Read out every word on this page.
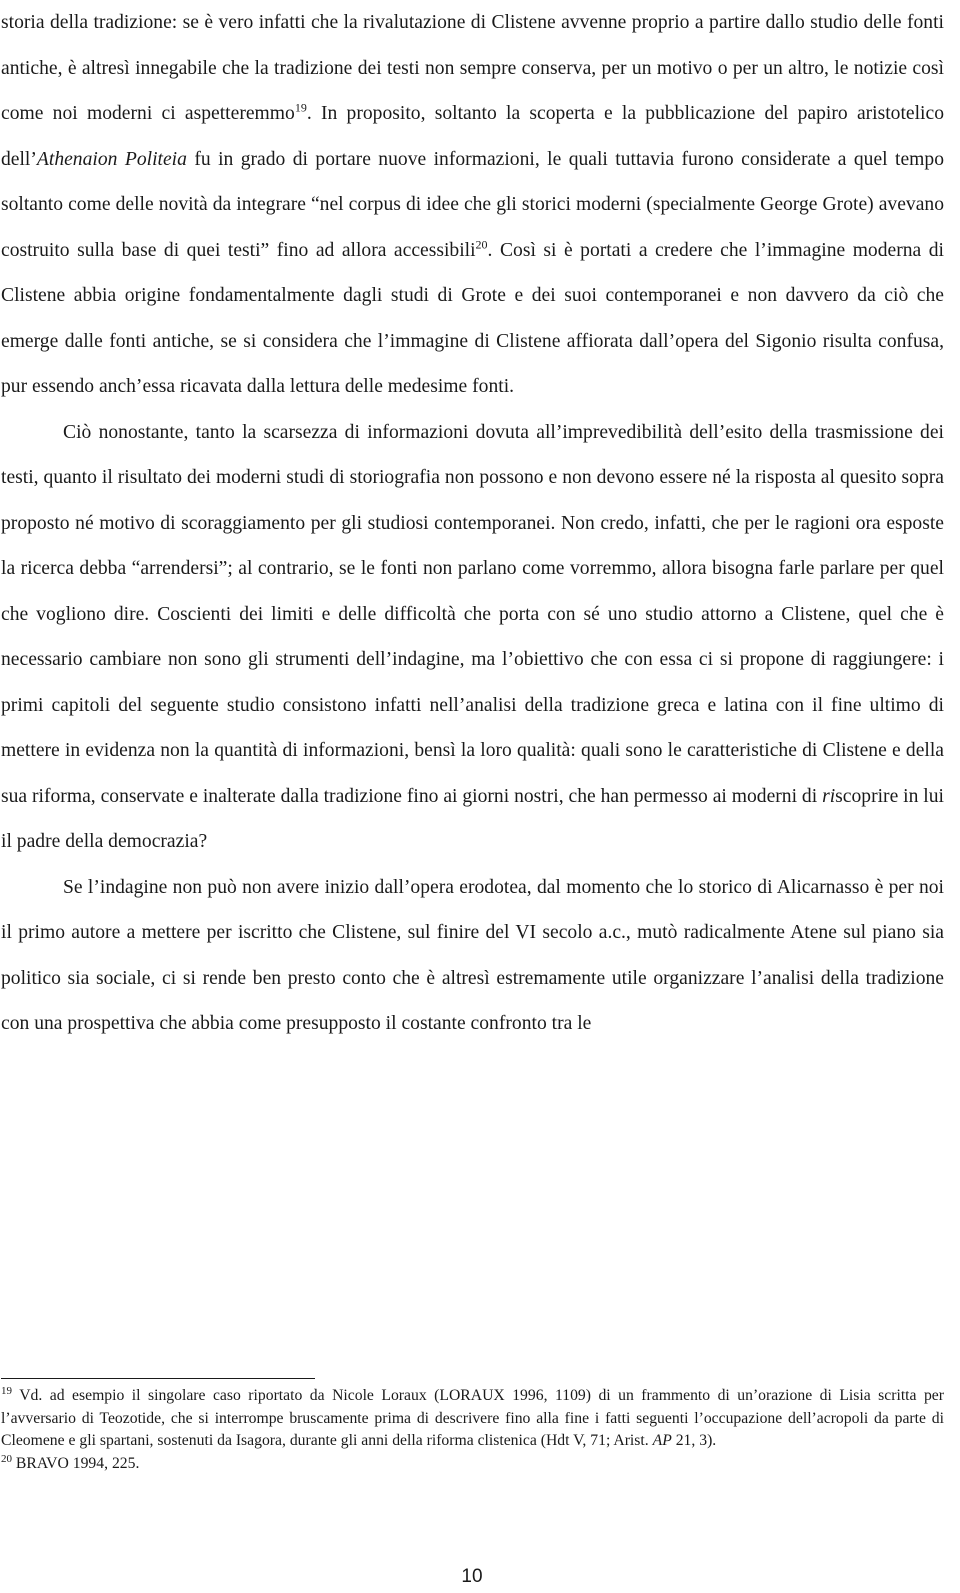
storia della tradizione: se è vero infatti che la rivalutazione di Clistene avvenne proprio a partire dallo studio delle fonti antiche, è altresì innegabile che la tradizione dei testi non sempre conserva, per un motivo o per un altro, le notizie così come noi moderni ci aspetteremmo$^{19}$. In proposito, soltanto la scoperta e la pubblicazione del papiro aristotelico dell’Athenaion Politeia fu in grado di portare nuove informazioni, le quali tuttavia furono considerate a quel tempo soltanto come delle novità da integrare “nel corpus di idee che gli storici moderni (specialmente George Grote) avevano costruito sulla base di quei testi” fino ad allora accessibili$^{20}$. Così si è portati a credere che l’immagine moderna di Clistene abbia origine fondamentalmente dagli studi di Grote e dei suoi contemporanei e non davvero da ciò che emerge dalle fonti antiche, se si considera che l’immagine di Clistene affiorata dall’opera del Sigonio risulta confusa, pur essendo anch’essa ricavata dalla lettura delle medesime fonti.

Ciò nonostante, tanto la scarsezza di informazioni dovuta all’imprevedibilità dell’esito della trasmissione dei testi, quanto il risultato dei moderni studi di storiografia non possono e non devono essere né la risposta al quesito sopra proposto né motivo di scoraggiamento per gli studiosi contemporanei. Non credo, infatti, che per le ragioni ora esposte la ricerca debba “arrendersi”; al contrario, se le fonti non parlano come vorremmo, allora bisogna farle parlare per quel che vogliono dire. Coscienti dei limiti e delle difficoltà che porta con sé uno studio attorno a Clistene, quel che è necessario cambiare non sono gli strumenti dell’indagine, ma l’obiettivo che con essa ci si propone di raggiungere: i primi capitoli del seguente studio consistono infatti nell’analisi della tradizione greca e latina con il fine ultimo di mettere in evidenza non la quantità di informazioni, bensì la loro qualità: quali sono le caratteristiche di Clistene e della sua riforma, conservate e inalterate dalla tradizione fino ai giorni nostri, che han permesso ai moderni di riscoprire in lui il padre della democrazia?

Se l’indagine non può non avere inizio dall’opera erodotea, dal momento che lo storico di Alicarnasso è per noi il primo autore a mettere per iscritto che Clistene, sul finire del VI secolo a.c., mutò radicalmente Atene sul piano sia politico sia sociale, ci si rende ben presto conto che è altresì estremamente utile organizzare l’analisi della tradizione con una prospettiva che abbia come presupposto il costante confronto tra le

$^{19}$ Vd. ad esempio il singolare caso riportato da Nicole Loraux (LORAUX 1996, 1109) di un frammento di un’orazione di Lisia scritta per l’avversario di Teozotide, che si interrompe bruscamente prima di descrivere fino alla fine i fatti seguenti l’occupazione dell’acropoli da parte di Cleomene e gli spartani, sostenuti da Isagora, durante gli anni della riforma clistenica (Hdt V, 71; Arist. AP 21, 3).

$^{20}$ BRAVO 1994, 225.

10
